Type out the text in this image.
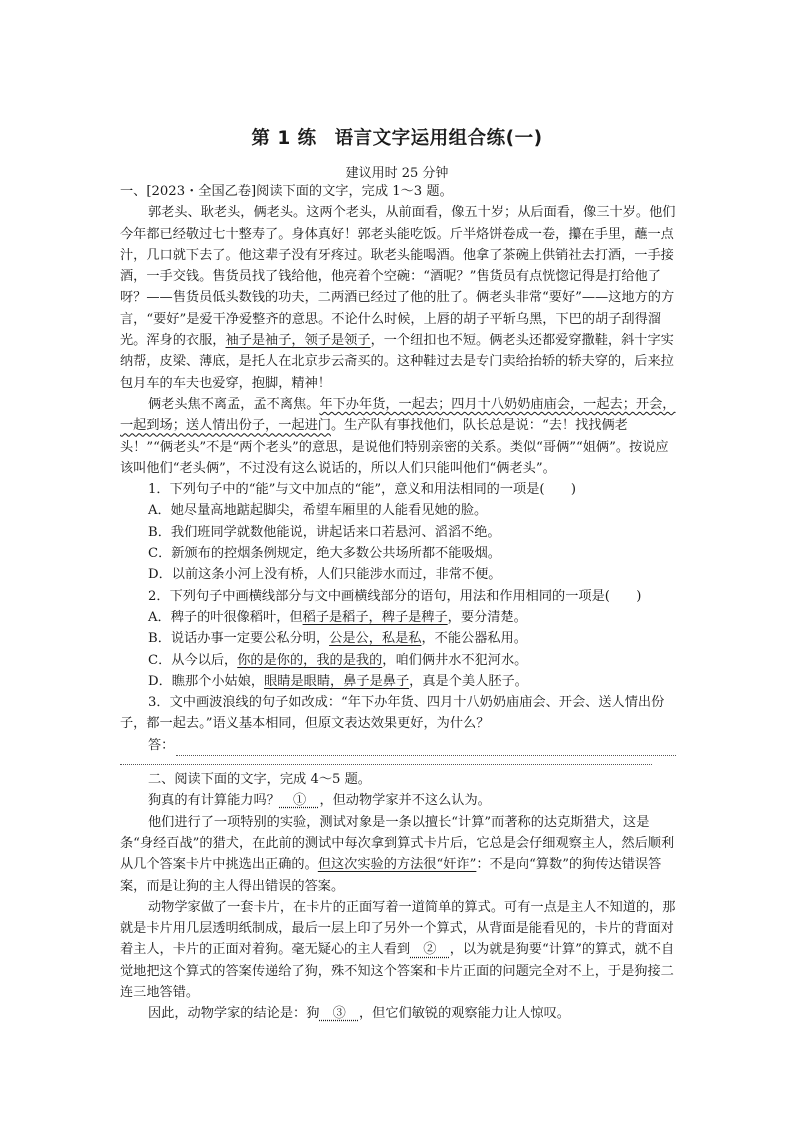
第 1 练 语言文字运用组合练(一)
建议用时 25 分钟

一、[2023・全国乙卷]阅读下面的文字，完成 1～3 题。

郭老头、耿老头，俩老头。这两个老头，从前面看，像五十岁；从后面看，像三十岁。他们今年都已经敬过七十整寿了。身体真好！郭老头能吃饭。斤半烙饼卷成一卷，攥在手里，蘸一点汁，几口就下去了。他这辈子没有牙疼过。耿老头能喝酒。他拿了茶碗上供销社去打酒，一手接酒，一手交钱。售货员找了钱给他，他亮着个空碗：“酒呢？”售货员有点恍惚记得是打给他了呀？——售货员低头数钱的功夫，二两酒已经过了他的肚了。俩老头非常“要好”——这地方的方言，“要好”是爱干净爱整齐的意思。不论什么时候，上唇的胡子平斩乌黑，下巴的胡子刮得溜光。浑身的衣服，袖子是袖子，领子是领子，一个纽扣也不短。俩老头还都爱穿撒鞋，斜十字实纳帮，皮梁、薄底，是托人在北京步云斋买的。这种鞋过去是专门卖给抬轿的轿夫穿的，后来拉包月车的车夫也爱穿，抱脚，精神！

俩老头焦不离孟，孟不离焦。年下办年货，一起去；四月十八奶奶庙庙会，一起去；开会，一起到场；送人情出份子，一起进门。生产队有事找他们，队长总是说：“去！找找俩老头！”“俩老头”不是“两个老头”的意思，是说他们特别亲密的关系。类似“哥俩”“姐俩”。按说应该叫他们“老头俩”，不过没有这么说话的，所以人们只能叫他们“俩老头”。

1．下列句子中的“能”与文中加点的“能”，意义和用法相同的一项是(　　)

A．她尽量高地踮起脚尖，希望车厢里的人能看见她的脸。

B．我们班同学就数他能说，讲起话来口若悬河、滔滔不绝。

C．新颁布的控烟条例规定，绝大多数公共场所都不能吸烟。

D．以前这条小河上没有桥，人们只能涉水而过，非常不便。

2．下列句子中画横线部分与文中画横线部分的语句，用法和作用相同的一项是(　　)

A．稗子的叶很像稻叶，但稻子是稻子，稗子是稗子，要分清楚。

B．说话办事一定要公私分明，公是公，私是私，不能公器私用。

C．从今以后，你的是你的，我的是我的，咱们俩井水不犯河水。

D．瞧那个小姑娘，眼睛是眼睛，鼻子是鼻子，真是个美人胚子。

3．文中画波浪线的句子如改成：“年下办年货、四月十八奶奶庙庙会、开会、送人情出份子，都一起去。”语义基本相同，但原文表达效果更好，为什么？

答：

二、阅读下面的文字，完成 4～5 题。

狗真的有计算能力吗？　①　，但动物学家并不这么认为。

他们进行了一项特别的实验，测试对象是一条以擅长“计算”而著称的达克斯猎犬，这是条“身经百战”的猎犬，在此前的测试中每次拿到算式卡片后，它总是会仔细观察主人，然后顺利从几个答案卡片中挑选出正确的。但这次实验的方法很“奸诈”：不是向“算数”的狗传达错误答案，而是让狗的主人得出错误的答案。

动物学家做了一套卡片，在卡片的正面写着一道简单的算式。可有一点是主人不知道的，那就是卡片用几层透明纸制成，最后一层上印了另外一个算式，从背面是能看见的，卡片的背面对着主人，卡片的正面对着狗。毫无疑心的主人看到　②　，以为就是狗要“计算”的算式，就不自觉地把这个算式的答案传递给了狗，殊不知这个答案和卡片正面的问题完全对不上，于是狗接二连三地答错。

因此，动物学家的结论是：狗　③　，但它们敏锐的观察能力让人惊叹。
